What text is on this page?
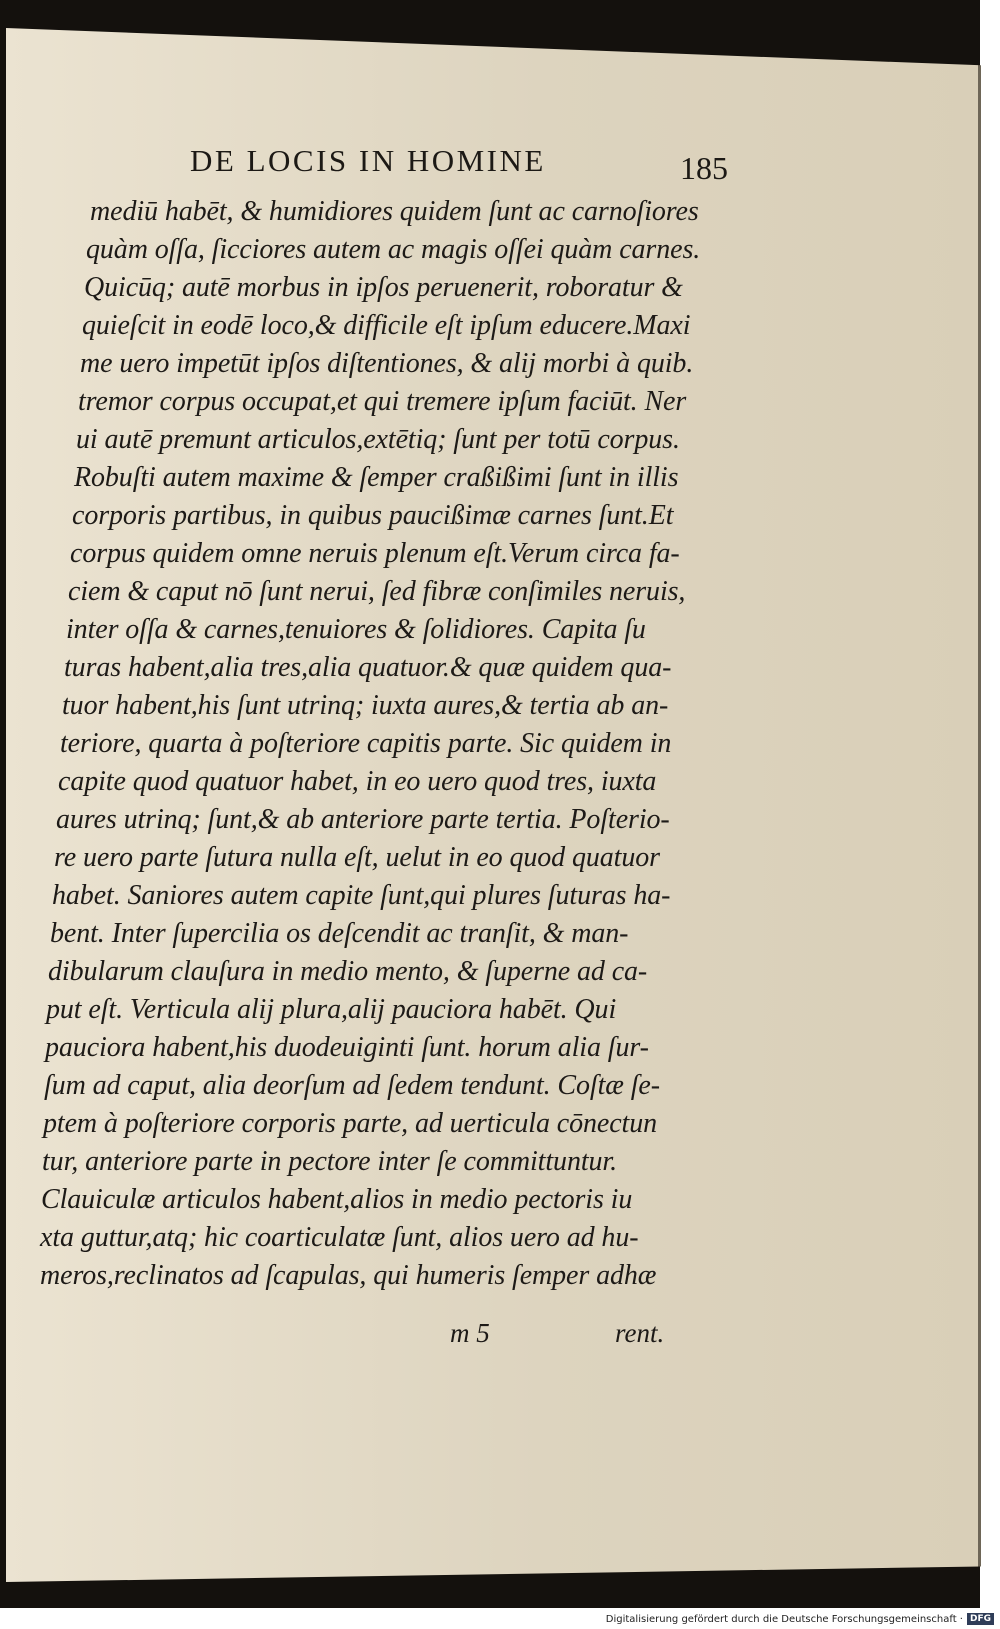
DE LOCIS IN HOMINE	185
mediū habēt, & humidiores quidem ſunt ac carnoſiores
quàm oſſa, ſicciores autem ac magis oſſei quàm carnes.
Quicūq; autē morbus in ipſos peruenerit, roboratur &
quieſcit in eodē loco,& difficile eſt ipſum educere.Maxi
me uero impetūt ipſos diſtentiones, & alij morbi à quib.
tremor corpus occupat,et qui tremere ipſum faciūt. Ner
ui autē premunt articulos,extētiq; ſunt per totū corpus.
Robuſti autem maxime & ſemper craßißimi ſunt in illis
corporis partibus, in quibus paucißimæ carnes ſunt.Et
corpus quidem omne neruis plenum eſt.Verum circa fa-
ciem & caput nō ſunt nerui, ſed fibræ conſimiles neruis,
inter oſſa & carnes,tenuiores & ſolidiores. Capita ſu
turas habent,alia tres,alia quatuor.& quæ quidem qua-
tuor habent,his ſunt utrinq; iuxta aures,& tertia ab an-
teriore, quarta à poſteriore capitis parte. Sic quidem in
capite quod quatuor habet, in eo uero quod tres, iuxta
aures utrinq; ſunt,& ab anteriore parte tertia. Poſterio-
re uero parte ſutura nulla eſt, uelut in eo quod quatuor
habet. Saniores autem capite ſunt,qui plures ſuturas ha-
bent. Inter ſupercilia os deſcendit ac tranſit, & man-
dibularum clauſura in medio mento, & ſuperne ad ca-
put eſt. Verticula alij plura,alij pauciora habēt. Qui
pauciora habent,his duodeuiginti ſunt. horum alia ſur-
ſum ad caput, alia deorſum ad ſedem tendunt. Coſtæ ſe-
ptem à poſteriore corporis parte, ad uerticula cōnectun
tur, anteriore parte in pectore inter ſe committuntur.
Clauiculæ articulos habent,alios in medio pectoris iu
xta guttur,atq; hic coarticulatæ ſunt, alios uero ad hu-
meros,reclinatos ad ſcapulas, qui humeris ſemper adhæ
m 5	rent.
Digitalisierung gefördert durch die Deutsche Forschungsgemeinschaft · DFG
